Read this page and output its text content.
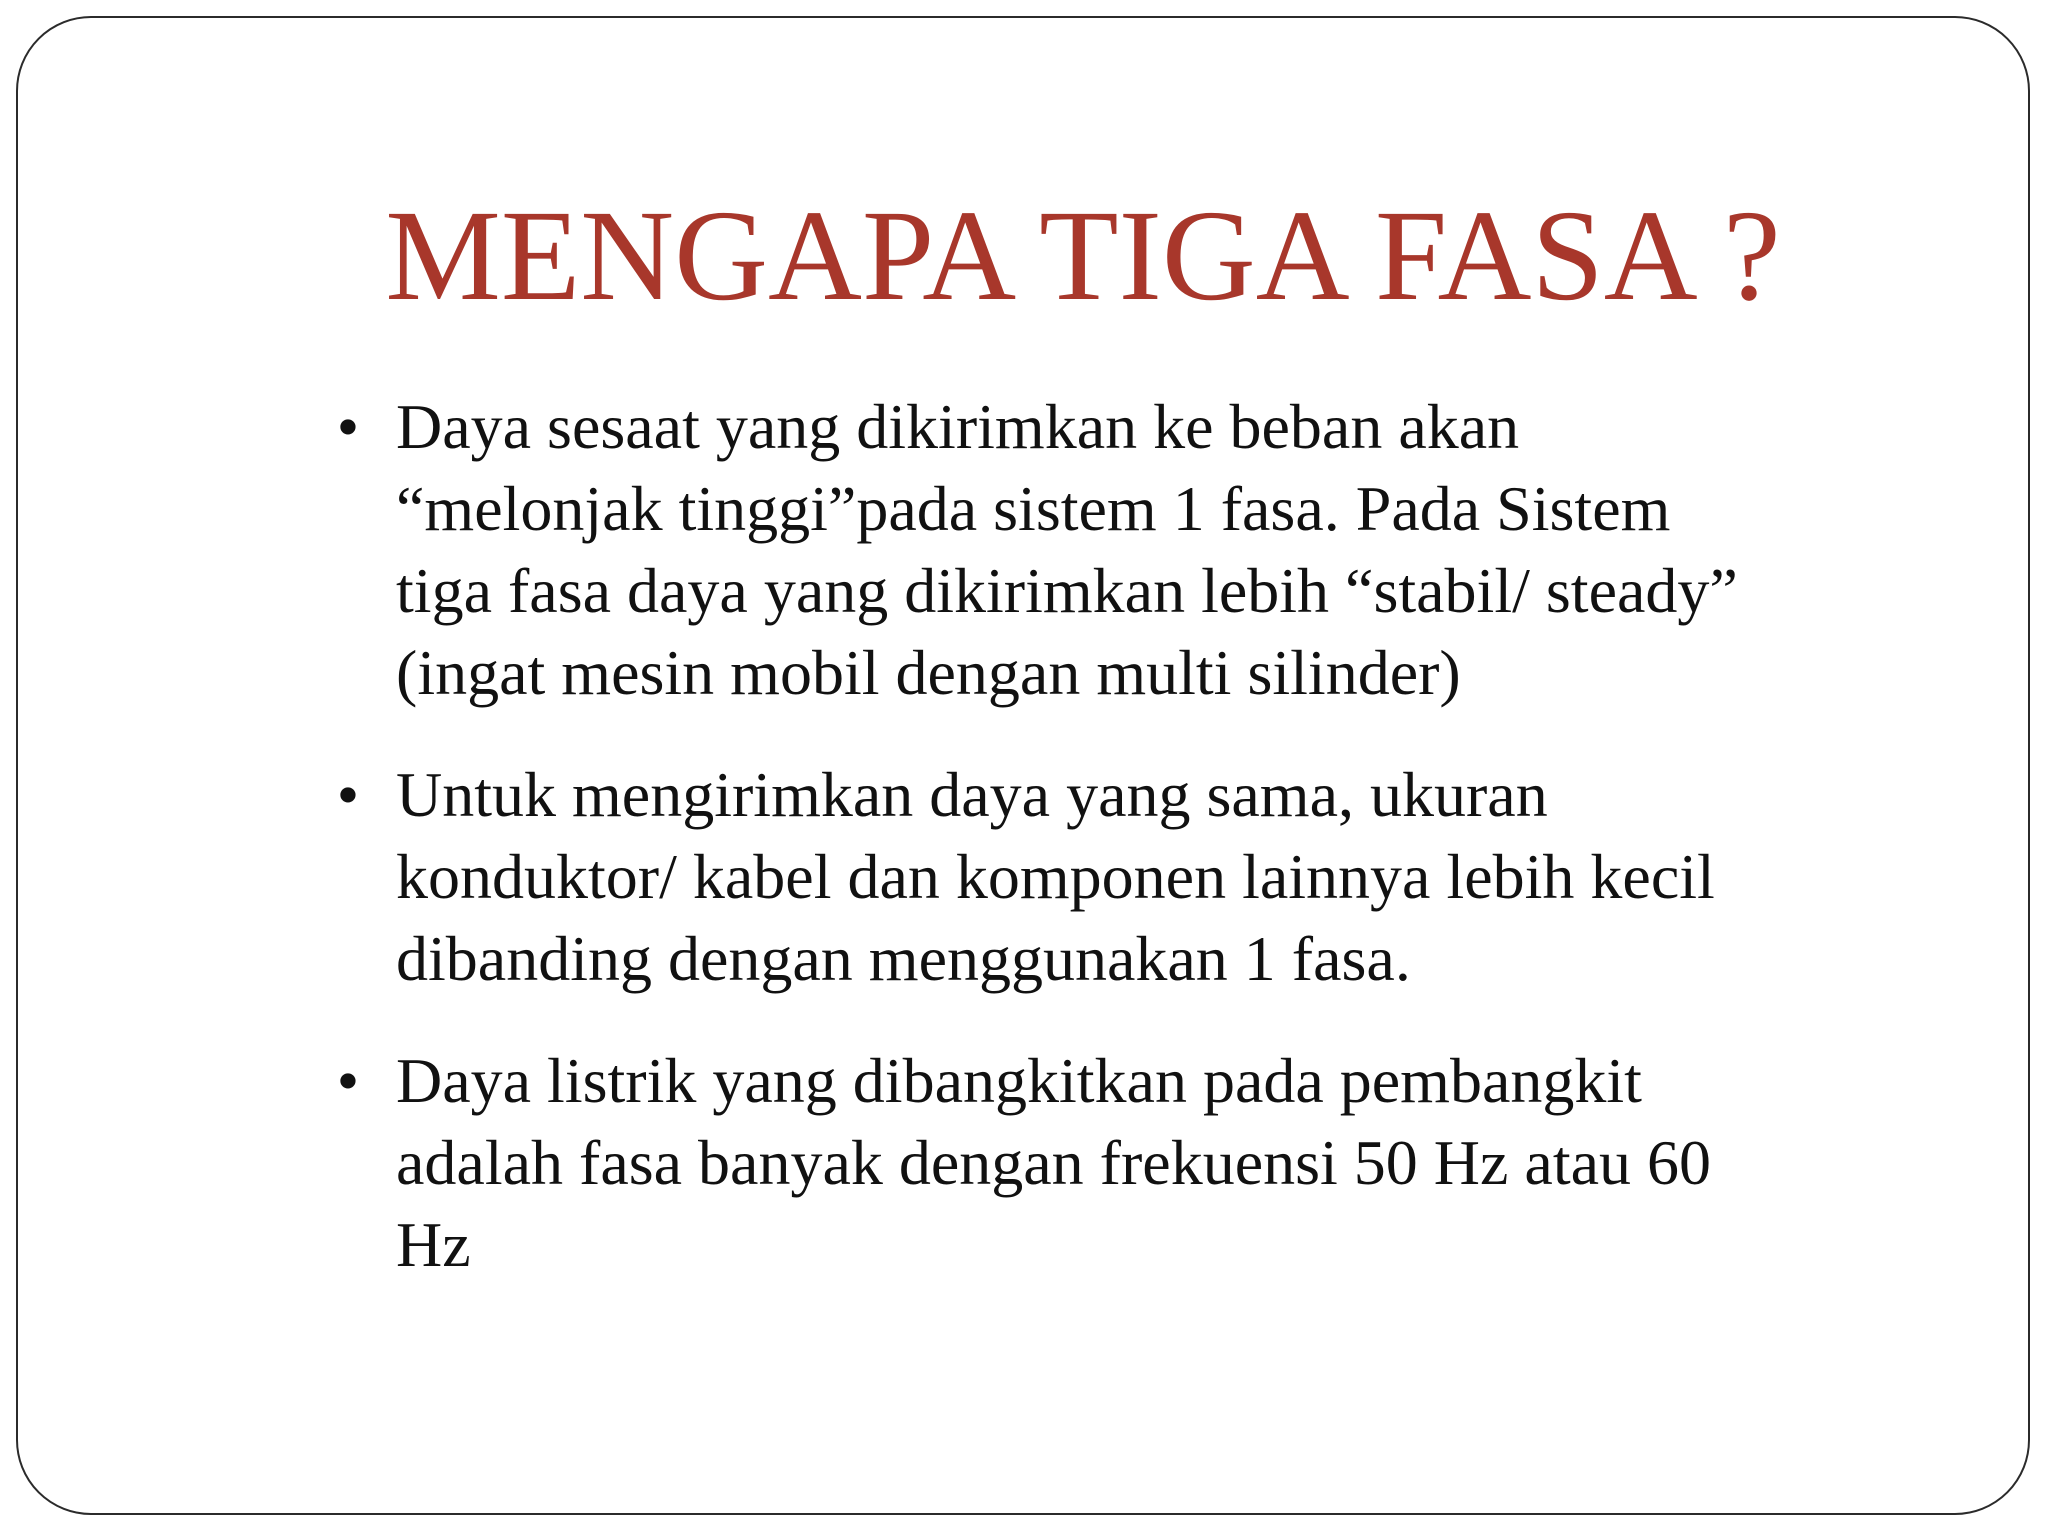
MENGAPA TIGA FASA ?
• Daya sesaat yang dikirimkan ke beban akan “melonjak tinggi”pada sistem 1 fasa. Pada Sistem tiga fasa daya yang dikirimkan lebih “stabil/ steady” (ingat mesin mobil dengan multi silinder)
• Untuk mengirimkan daya yang sama, ukuran konduktor/ kabel dan komponen lainnya lebih kecil dibanding dengan menggunakan 1 fasa.
• Daya listrik yang dibangkitkan pada pembangkit adalah fasa banyak dengan frekuensi 50 Hz atau 60 Hz
